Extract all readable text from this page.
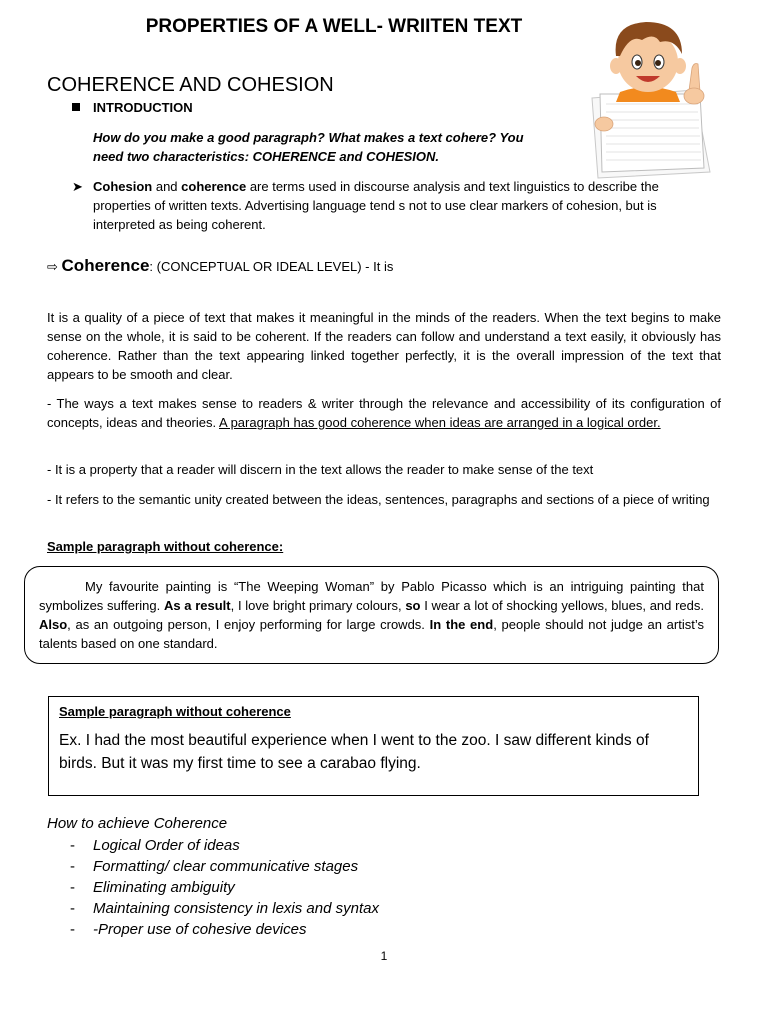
PROPERTIES OF A WELL- WRIITEN TEXT
COHERENCE AND COHESION
INTRODUCTION
How do you make a good paragraph? What makes a text cohere? You need two characteristics: COHERENCE and COHESION.
➤ Cohesion and coherence are terms used in discourse analysis and text linguistics to describe the properties of written texts. Advertising language tend s not to use clear markers of cohesion, but is interpreted as being coherent.
⇨ Coherence: (CONCEPTUAL OR IDEAL LEVEL) - It is
It is a quality of a piece of text that makes it meaningful in the minds of the readers. When the text begins to make sense on the whole, it is said to be coherent. If the readers can follow and understand a text easily, it obviously has coherence. Rather than the text appearing linked together perfectly, it is the overall impression of the text that appears to be smooth and clear.
- The ways a text makes sense to readers & writer through the relevance and accessibility of its configuration of concepts, ideas and theories. A paragraph has good coherence when ideas are arranged in a logical order.
- It is a property that a reader will discern in the text allows the reader to make sense of the text
- It refers to the semantic unity created between the ideas, sentences, paragraphs and sections of a piece of writing
Sample paragraph without coherence:
My favourite painting is “The Weeping Woman” by Pablo Picasso which is an intriguing painting that symbolizes suffering. As a result, I love bright primary colours, so I wear a lot of shocking yellows, blues, and reds. Also, as an outgoing person, I enjoy performing for large crowds. In the end, people should not judge an artist’s talents based on one standard.
Sample paragraph without coherence
Ex. I had the most beautiful experience when I went to the zoo. I saw different kinds of birds. But it was my first time to see a carabao flying.
How to achieve Coherence
- Logical Order of ideas
- Formatting/ clear communicative stages
- Eliminating ambiguity
- Maintaining consistency in lexis and syntax
- -Proper use of cohesive devices
1
